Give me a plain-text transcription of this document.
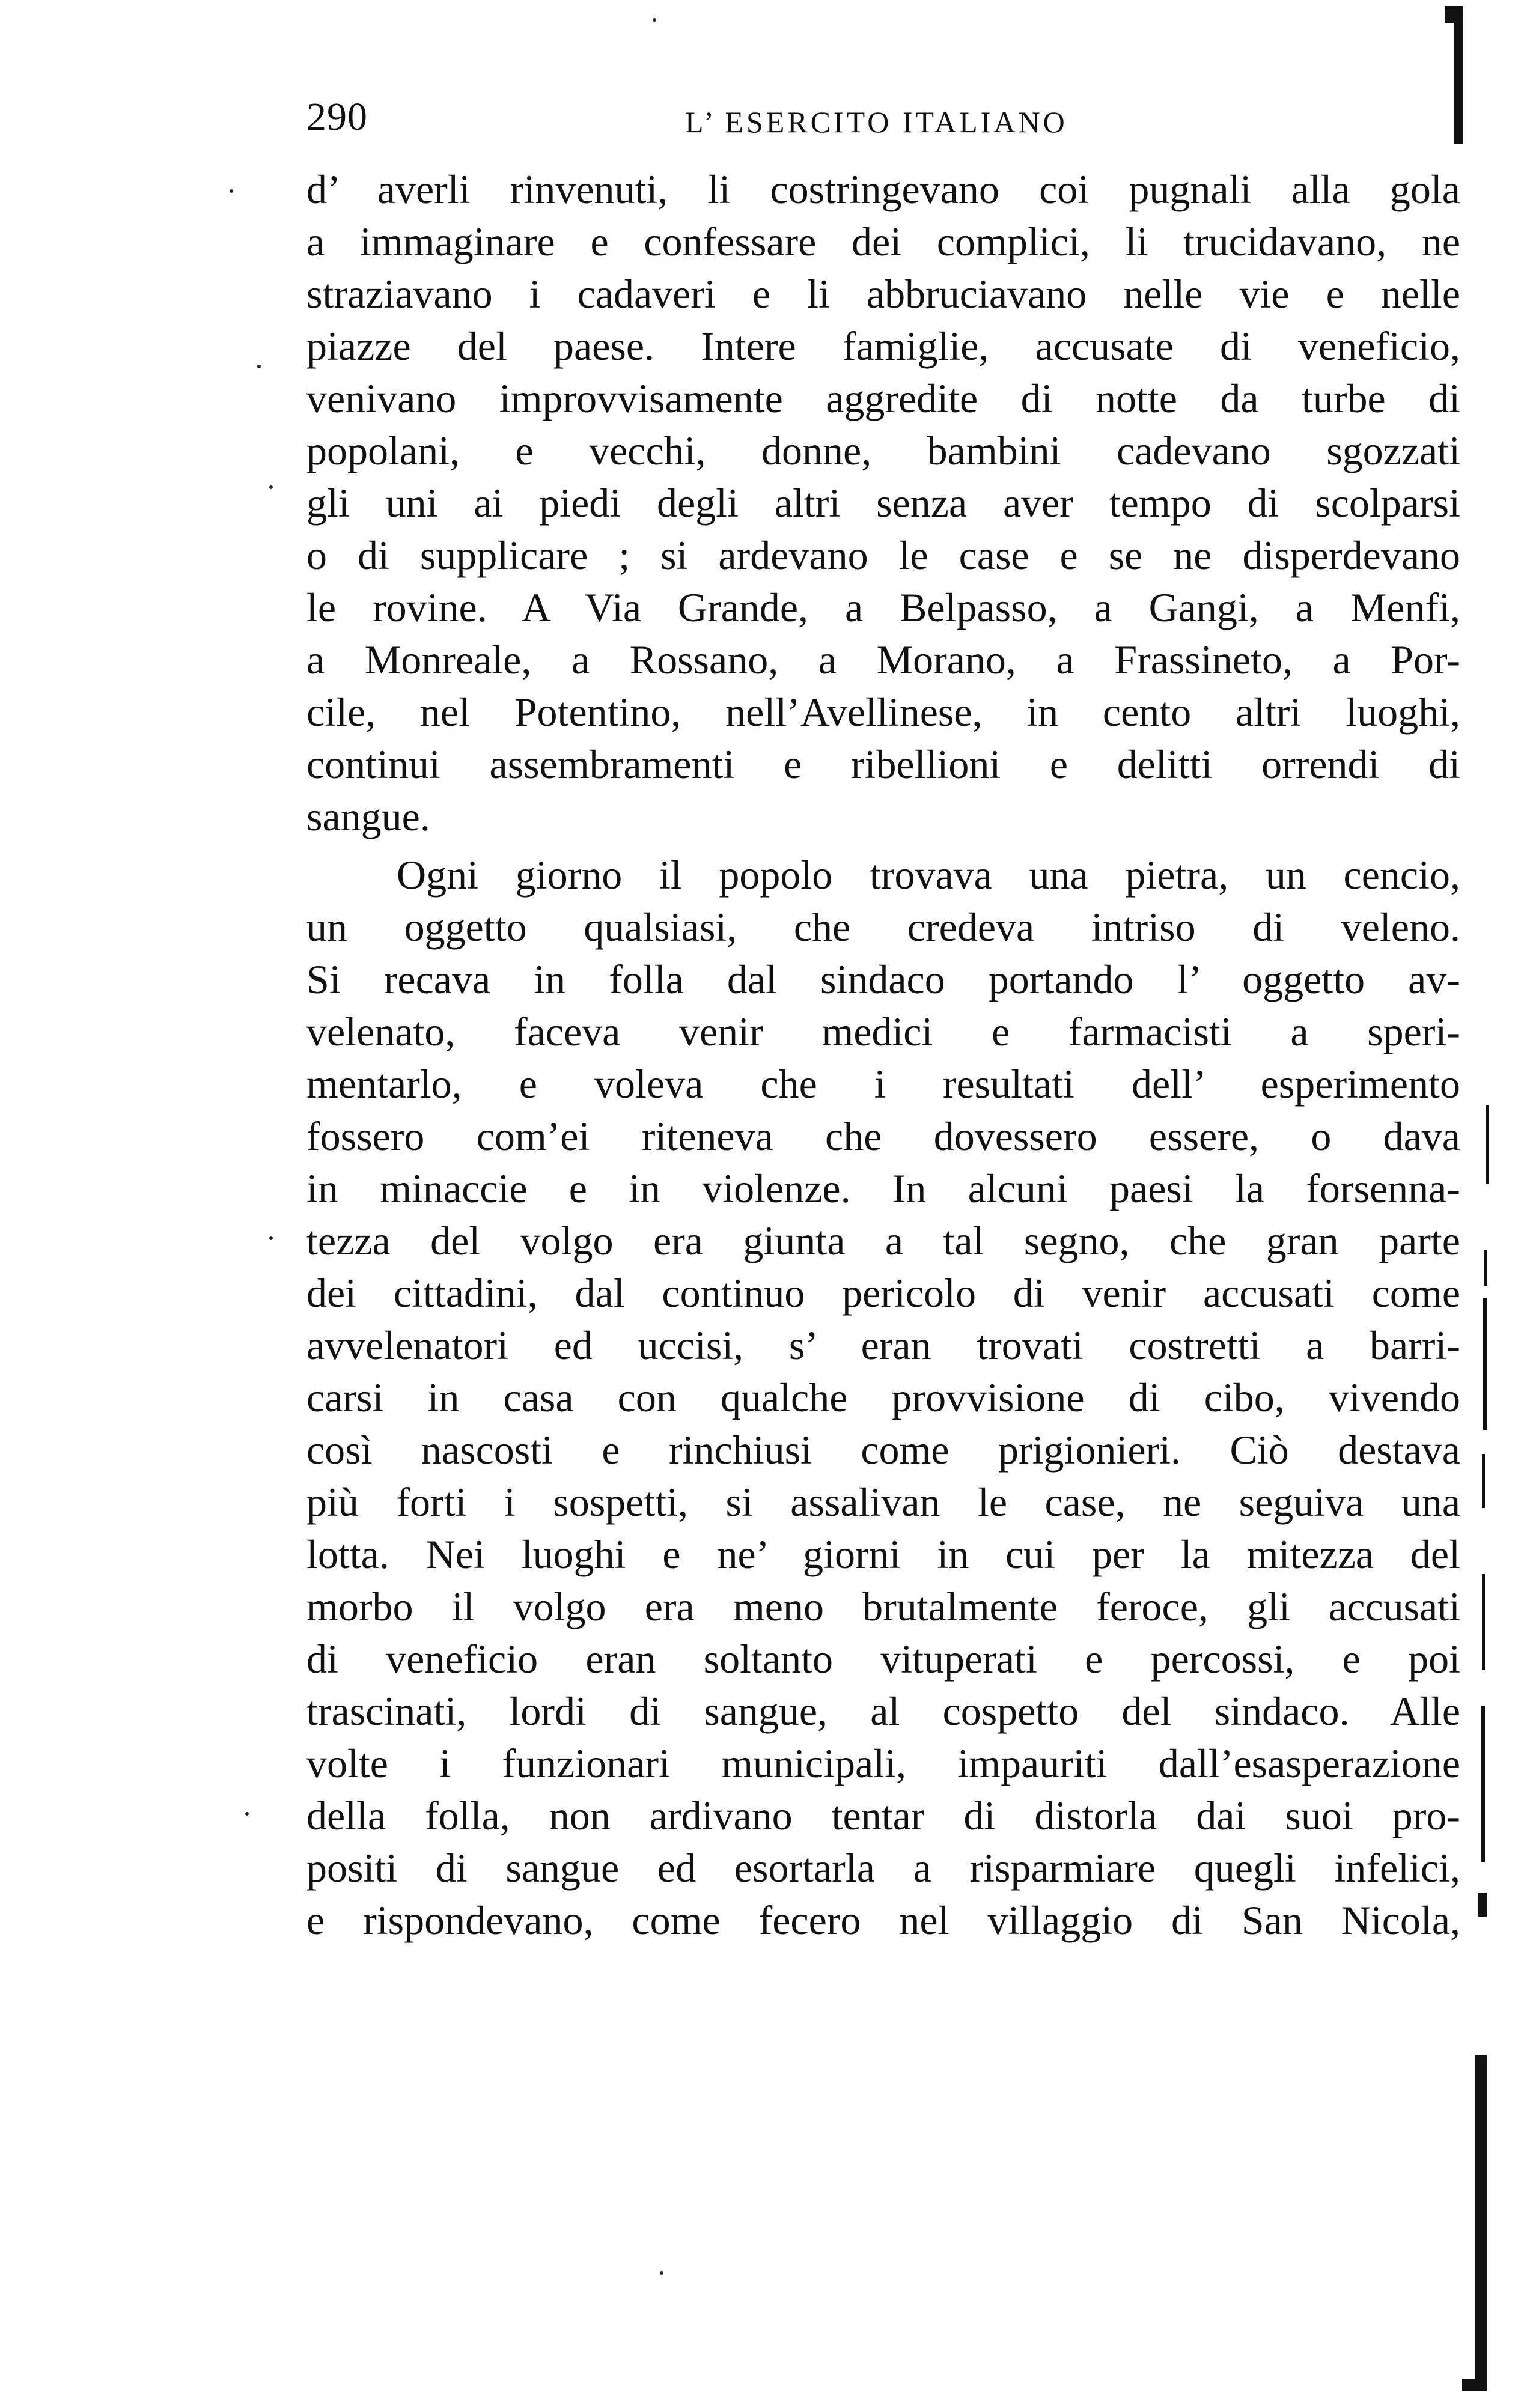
290	L’ ESERCITO ITALIANO
d’ averli rinvenuti, li costringevano coi pugnali alla gola
a immaginare e confessare dei complici, li trucidavano, ne
straziavano i cadaveri e li abbruciavano nelle vie e nelle
piazze del paese. Intere famiglie, accusate di veneficio,
venivano improvvisamente aggredite di notte da turbe di
popolani, e vecchi, donne, bambini cadevano sgozzati
gli uni ai piedi degli altri senza aver tempo di scolparsi
o di supplicare ; si ardevano le case e se ne disperdevano
le rovine. A Via Grande, a Belpasso, a Gangi, a Menfi,
a Monreale, a Rossano, a Morano, a Frassineto, a Por-
cile, nel Potentino, nell’Avellinese, in cento altri luoghi,
continui assembramenti e ribellioni e delitti orrendi di
sangue.
Ogni giorno il popolo trovava una pietra, un cencio,
un oggetto qualsiasi, che credeva intriso di veleno.
Si recava in folla dal sindaco portando l’ oggetto av-
velenato, faceva venir medici e farmacisti a speri-
mentarlo, e voleva che i resultati dell’ esperimento
fossero com’ei riteneva che dovessero essere, o dava
in minaccie e in violenze. In alcuni paesi la forsenna-
tezza del volgo era giunta a tal segno, che gran parte
dei cittadini, dal continuo pericolo di venir accusati come
avvelenatori ed uccisi, s’ eran trovati costretti a barri-
carsi in casa con qualche provvisione di cibo, vivendo
così nascosti e rinchiusi come prigionieri. Ciò destava
più forti i sospetti, si assalivan le case, ne seguiva una
lotta. Nei luoghi e ne’ giorni in cui per la mitezza del
morbo il volgo era meno brutalmente feroce, gli accusati
di veneficio eran soltanto vituperati e percossi, e poi
trascinati, lordi di sangue, al cospetto del sindaco. Alle
volte i funzionari municipali, impauriti dall’esasperazione
della folla, non ardivano tentar di distorla dai suoi pro-
positi di sangue ed esortarla a risparmiare quegli infelici,
e rispondevano, come fecero nel villaggio di San Nicola,
